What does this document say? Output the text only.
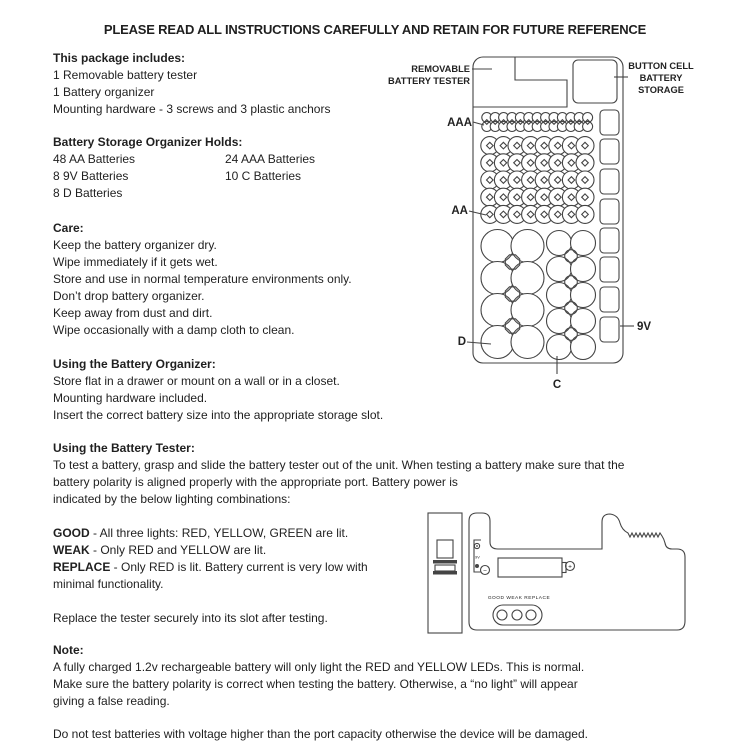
PLEASE READ ALL INSTRUCTIONS CAREFULLY AND RETAIN FOR FUTURE REFERENCE
This package includes:
1 Removable battery tester
1 Battery organizer
Mounting hardware - 3 screws and 3 plastic anchors
Battery Storage Organizer Holds:
48 AA Batteries
8 9V Batteries
8 D Batteries
24 AAA Batteries
10 C Batteries
Care:
Keep the battery organizer dry.
Wipe immediately if it gets wet.
Store and use in normal temperature environments only.
Don’t drop battery organizer.
Keep away from dust and dirt.
Wipe occasionally with a damp cloth to clean.
Using the Battery Organizer:
Store flat in a drawer or mount on a wall or in a closet.
Mounting hardware included.
Insert the correct battery size into the appropriate storage slot.
Using the Battery Tester:
To test a battery, grasp and slide the battery tester out of the unit. When testing a battery make sure that the
battery polarity is aligned properly with the appropriate port. Battery power is
indicated by the below lighting combinations:
GOOD - All three lights: RED, YELLOW, GREEN are lit.
WEAK - Only RED and YELLOW are lit.
REPLACE - Only RED is lit. Battery current is very low with
minimal functionality.
Replace the tester securely into its slot after testing.
Note:
A fully charged 1.2v rechargeable battery will only light the RED and YELLOW LEDs. This is normal.
Make sure the battery polarity is correct when testing the battery. Otherwise, a “no light” will appear
giving a false reading.
Do not test batteries with voltage higher than the port capacity otherwise the device will be damaged.
REMOVABLE
BATTERY TESTER
BUTTON CELL
BATTERY
STORAGE
AAA
AA
D
C
9V
9V
−
+
GOOD WEAK REPLACE
